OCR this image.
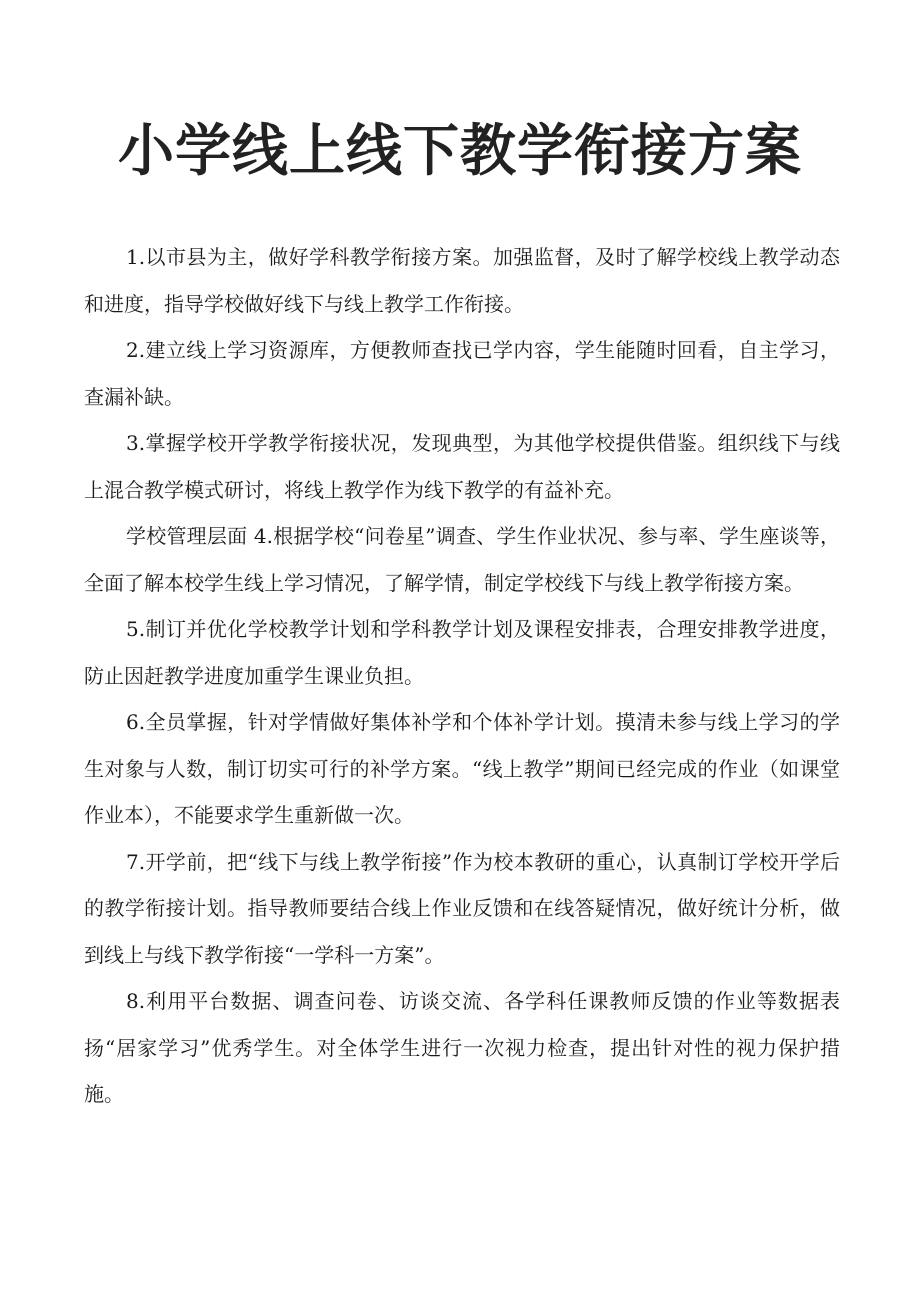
小学线上线下教学衔接方案

1.以市县为主，做好学科教学衔接方案。加强监督，及时了解学校线上教学动态和进度，指导学校做好线下与线上教学工作衔接。

2.建立线上学习资源库，方便教师查找已学内容，学生能随时回看，自主学习，查漏补缺。

3.掌握学校开学教学衔接状况，发现典型，为其他学校提供借鉴。组织线下与线上混合教学模式研讨，将线上教学作为线下教学的有益补充。

学校管理层面 4.根据学校“问卷星”调查、学生作业状况、参与率、学生座谈等，全面了解本校学生线上学习情况，了解学情，制定学校线下与线上教学衔接方案。

5.制订并优化学校教学计划和学科教学计划及课程安排表，合理安排教学进度，防止因赶教学进度加重学生课业负担。

6.全员掌握，针对学情做好集体补学和个体补学计划。摸清未参与线上学习的学生对象与人数，制订切实可行的补学方案。“线上教学”期间已经完成的作业（如课堂作业本），不能要求学生重新做一次。

7.开学前，把“线下与线上教学衔接”作为校本教研的重心，认真制订学校开学后的教学衔接计划。指导教师要结合线上作业反馈和在线答疑情况，做好统计分析，做到线上与线下教学衔接“一学科一方案”。

8.利用平台数据、调查问卷、访谈交流、各学科任课教师反馈的作业等数据表扬“居家学习”优秀学生。对全体学生进行一次视力检查，提出针对性的视力保护措施。
